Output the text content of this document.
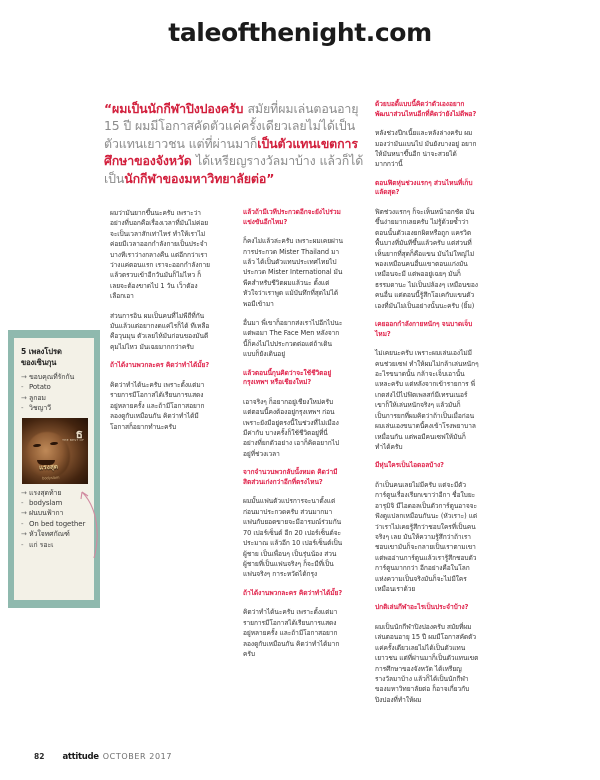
taleofthenight.com
“ผมเป็นนักกีฬาปิงปองครับ สมัยที่ผมเล่นตอนอายุ 15 ปี ผมมีโอกาสคัดตัวแค่ครั้งเดียวเลยไม่ได้เป็นตัวแทนเยาวชน แต่ที่ผ่านมาก็เป็นตัวแทนเขตการศึกษาของจังหวัด ได้เหรียญรางวัลมาบ้าง แล้วก็ได้เป็นนักกีฬาของมหาวิทยาลัยต่อ”
5 เพลงโปรด
ของเซินกุน
→ ขอบคุณที่รักกัน
- Potato
→ ลูกอม
- วิชญาวี
ธ
THE BEST OF
แรงสุด
bodyslam
→ แรงสุดท้าย
- bodyslam
→ ฝนบนฟ้ากา
- On bed together
→ หัวใจทศกัณฑ์
- แก่ รอะเ

ผมว่ามันยากขึ้นนะครับ เพราะว่าอย่างที่บอกคือเรื่องเวลาที่มันไม่ค่อยจะเป็นเวลาสักเท่าไหร่ ทำให้เราไม่ค่อยมีเวลาออกกำลังกายเป็นประจำ บางทีเราว่างกลางคืน แต่อีกกว่าเราว่างแค่ตอนแรก เราจะออกกำลังกายแล้วตรวบเข้าอีกวันมันก็ไม่ไหว ก็เลยจะต้องขาดไป 1 วัน เว็าตัองเลือกเอา

ส่วนการอิน ผมเป็นคนที่ไม่พีถีที่กันมันแล้วแต่อยากงดแค่ไรก็ได้ ทีเหลือคือวุนมุน ตัวเลยไห้มันก่อนของมันดี คุมไม่ไหว มันเฉยมากกว่าครับ

ถ้าได้งานพวกละคร คิดว่าทำได้มั้ย?

คิดว่าทำได้นะครับ เพราะตั้งแต่มารายการมีโอกาสได้เรียนการแสดงอยู่หลายครั้ง และถ้ามีโอกาสอยากลองดูกับเหมือนกัน คิดว่าทำได้มีโอกาสก็อยากทำนะครับ

แล้วถ้ามีเวทีประกวดอีกจะยังไปร่วมแข่งขันอีกไหม?

ก็คงไม่แล้วล่ะครับ เพราะผมเคยผ่านการประกวด Mister Thailand มาแล้ว ได้เป็นตัวแทนประเทศไทยไปประกวด Mister International มันพีคสำหรับชีวิตผมแล้วนะ ตั้งแต่หัวใจว่าเราพูด แม้บันทึกที่สุดไม่ได้ พอมีเข้ามา

อื่นมา พี่เขาก็อยากส่งเราไปอีกไปนะ แต่พอมา The Face Men หลังจากนี้ก็คงไม่ไปประกวดต่อแต่ถ้าเดินแบบก็ยังเดินอยู่

แล้วตอนนี้กุนคิดว่าจะใช้ชีวิตอยู่กรุงเทพฯ หรือเชียงใหม่?

เอาจริงๆ ก็อยากอยู่เชียงใหม่ครับ แต่ตอนนี้คงต้องอยู่กรุงเทพฯ ก่อน เพราะยังมีอยู่ตรงนี้ในช่วงที่ไม่เมืองมีค่ากับ บางครั้งก็ใช้ชีวิตอยู่ที่นี่ อย่างที่ยกตัวอย่าง เอาก็คิดอยากไปอยู่ที่ช่วงเวลา

จากจำนวนพวกลับนั้งหมด คิดว่ามีสิตส่วนเก่งกว่าอีกที่ตรงไหน?

ผมมั้นแฟนตัวแปรการจะนาตั้งแต่ก่อนมาประกวดครับ ส่วนมากมาแฟนกับยอดขายจะมีอารมณ์ร่วมกัน 70 เปอร์เซ็นต์ อีก 20 เปอร์เซ็นต์จะประมาณ แล้วอีก 10 เปอร์เซ็นต์เป็นผู้ชาย เป็นเพื่อนๆ เป็นรุ่นน้อง ส่วนผู้ชายที่เป็นแฟนจริงๆ ก็จะมีที่เป็นแฟนจริงๆ การะหวัดได้กรุง

ถ้าได้งานพวกละคร คิดว่าทำได้มั้ย?

คิดว่าทำได้นะครับ เพราะตั้งแต่มารายการมีโอกาสได้เรียนการแสดงอยู่หลายครั้ง และถ้ามีโอกาสอยากลองดูกับเหมือนกัน คิดว่าทำได้มากครับ

ด้วยบอดี้แบบนี้คิดว่าตัวเองอยากพัฒนาส่วนไหนอีกที่คิดว่ายังไม่ดีพอ?

หลังช่วงปีกเนี้ยและหลังล่างครับ ผมมองว่ามันแบนไป มันยังบางอยู่ อยากให้มันหนาขึ้นอีก น่าจะสวยได้มากกว่านี้

ตอนฟิตหุ่นช่วงแรกๆ ส่วนไหนที่เก็บแลัดสุด?

ฟิตช่วงแรกๆ ก็จะเห็นหน้าอกชัด มันขึ้นง่ายมากเลยครับ ไม่รู้ด้วยซ้ำว่าตอนนั้นตัวเองยกผิดหรือถูก แครวิตพื้นบางที่มันทีขึ้นแล้วครับ แต่ส่วนที่เห็นยากที่สุดก็คือแขน มันไม่ใหญ่ไม่พองเหมือนคนอื่นแขาตอนแก่งมันเหมือนจะมี แต่พออยู่เฉยๆ มันก็ธรรมดานะ ไม่เป็นปล้องๆ เหมือนของคนอื่น แต่ตอนนี้รู้สึกโอเคกับแขนตัวเองที่มันไม่เป็นอย่างนั้นนะครับ (ยิ้ม)

เคยออกกำลังกายหนักๆ จนบาดเจ็บไหม?

ไม่เคยนะครับ เพราะผมเล่นเองไม่มีคนช่วยเซฟ ทำให้ผมไม่กล้าเล่นหนักๆ อะไรขนาดนั้น กล้าจะเจ็บเอานั้นแหละครับ แต่หลังจากเข้ารายการ พี่เกดส่งไป้ไปฟิตเพลสก์มีเทรนเนอร์ เขาก็ให้เล่นหนักจริงๆ แล้วมันก็เป็นการยกที่ผมคิดว่าถ้าเป็นเมื่อก่อนผมเล่นเองขนาดนี้คงเข้าโรงพยาบาลเหมื่อนกัน แต่พอมีคนเซฟให้มันก็ทำได้ครับ

มีหุ่นใครเป็นไอดอลบ้าง?

ถ้าเป็นคนเลยไม่มีครับ แต่จะมีตัวการ์ตูนเรื่องเรียกเขาว่าอีกา ชื่อใบยะ อารุมิจิ มีไอดอลเป็นตัวการ์ตูนอาจจะฟังดูแปลกเหมือนกันนะ (หัวเราะ) แต่ว่าเราไม่เคยรู้สึกว่าชอบใครที่เป็นคนจริงๆ เลย มันให้ความรู้สึกว่าถ้าเราชอบเขามันก็จะกลายเป็นเราตามเขา แต่พออ่านการ์ตูนแล้วเรารู้สึกชอบตัวการ์ตูนมากกว่า อีกอย่างคือในโลกแห่งความเป็นจริงมันก็จะไม่มีใครเหมือนเราด้วย

ปกติเล่นกีฬาอะไรเป็นประจำบ้าง?

ผมเป็นนักกีฬาปิงปองครับ สมัยที่ผมเล่นตอนอายุ 15 ปี ผมมีโอกาสคัดตัวแค่ครั้งเดียวเลยไม่ได้เป็นตัวแทนเยาวชน แต่ที่ผ่านมาก็เป็นตัวแทนเขตการศึกษาของจังหวัด ได้เหรียญรางวัลมาบ้าง แล้วก็ได้เป็นนักกีฬาของมหาวิทยาลัยต่อ ก็อาจเกี่ยวกับปิงปองที่ทำให้ผม

82 attitude OCTOBER 2017
